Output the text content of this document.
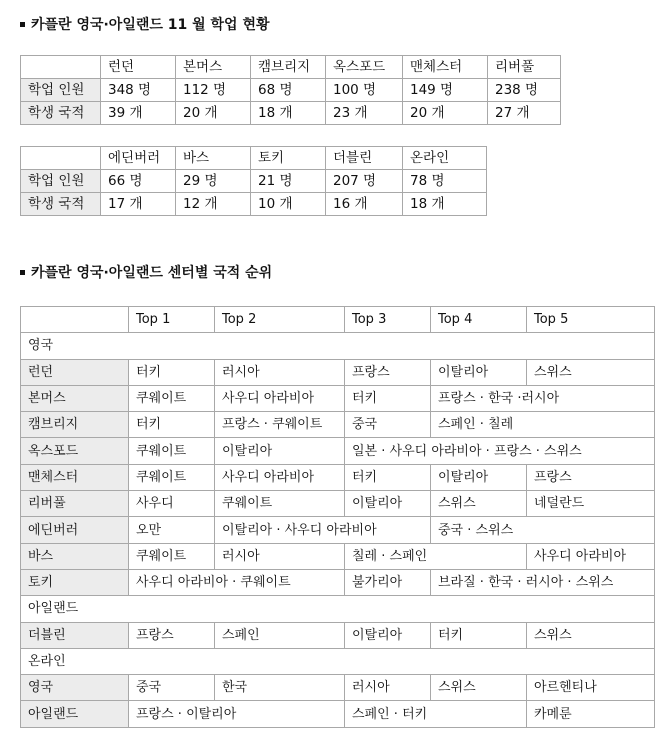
카플란 영국·아일랜드 11 월 학업 현황
	런던	본머스	캠브리지	옥스포드	맨체스터	리버풀
학업 인원	348 명	112 명	68 명	100 명	149 명	238 명
학생 국적	39 개	20 개	18 개	23 개	20 개	27 개
	에딘버러	바스	토키	더블린	온라인
학업 인원	66 명	29 명	21 명	207 명	78 명
학생 국적	17 개	12 개	10 개	16 개	18 개
카플란 영국·아일랜드 센터별 국적 순위
	Top 1	Top 2	Top 3	Top 4	Top 5
영국					
런던	터키	러시아	프랑스	이탈리아	스위스
본머스	쿠웨이트	사우디 아라비아	터키	프랑스 · 한국 ·러시아	
캠브리지	터키	프랑스 · 쿠웨이트	중국	스페인 · 칠레	
옥스포드	쿠웨이트	이탈리아	일본 · 사우디 아라비아 · 프랑스 · 스위스		
맨체스터	쿠웨이트	사우디 아라비아	터키	이탈리아	프랑스
리버풀	사우디	쿠웨이트	이탈리아	스위스	네덜란드
에딘버러	오만	이탈리아 · 사우디 아라비아		중국 · 스위스	
바스	쿠웨이트	러시아	칠레 · 스페인		사우디 아라비아
토키	사우디 아라비아 · 쿠웨이트		불가리아	브라질 · 한국 · 러시아 · 스위스	
아일랜드					
더블린	프랑스	스페인	이탈리아	터키	스위스
온라인					
영국	중국	한국	러시아	스위스	아르헨티나
아일랜드	프랑스 · 이탈리아		스페인 · 터키		카메룬
